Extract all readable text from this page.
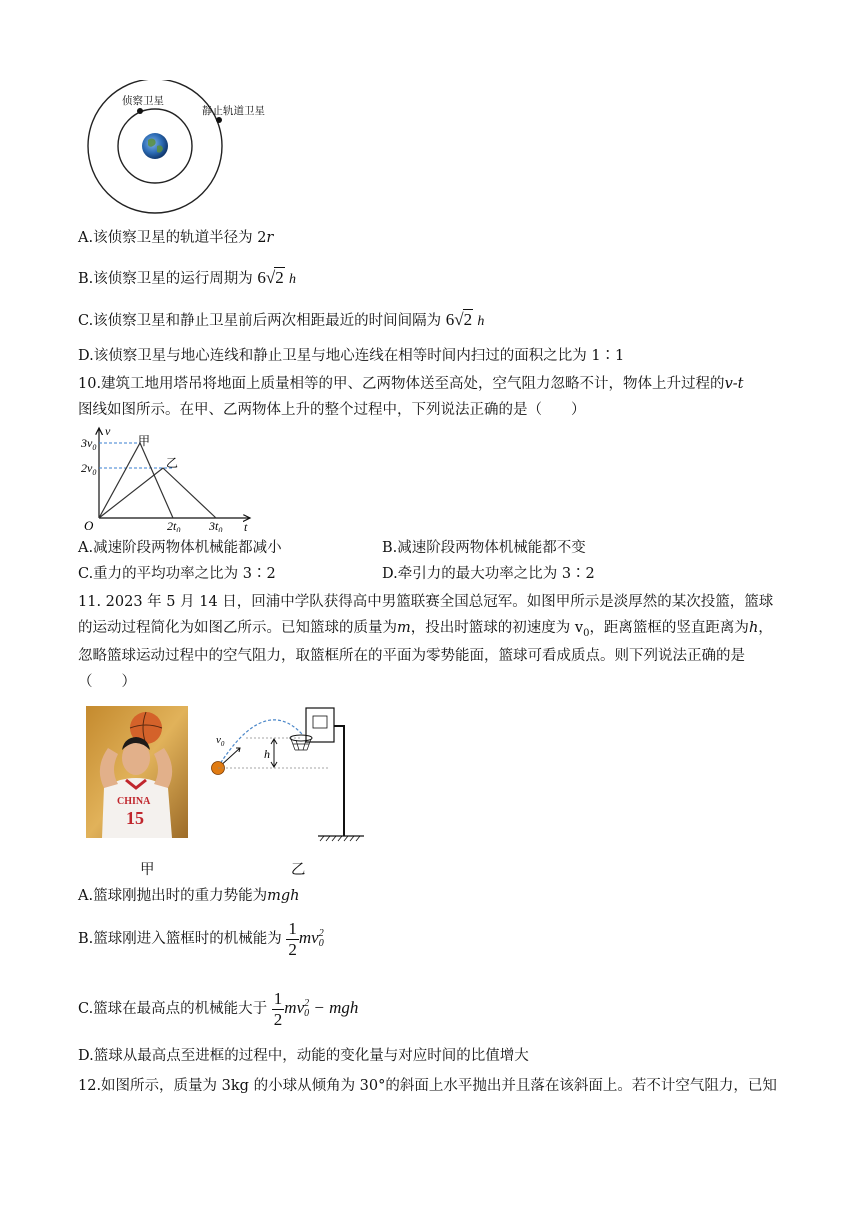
侦察卫星
静止轨道卫星
A.该侦察卫星的轨道半径为 2r
B.该侦察卫星的运行周期为 6√2 h
C.该侦察卫星和静止卫星前后两次相距最近的时间间隔为 6√2 h
D.该侦察卫星与地心连线和静止卫星与地心连线在相等时间内扫过的面积之比为 1∶1
10.建筑工地用塔吊将地面上质量相等的甲、乙两物体送至高处，空气阻力忽略不计，物体上升过程的v-t
图线如图所示。在甲、乙两物体上升的整个过程中，下列说法正确的是（　　）
v
t
O
$3v_0$
$2v_0$
$2t_0$ $3t_0$
甲
乙
A.减速阶段两物体机械能都减小	B.减速阶段两物体机械能都不变
C.重力的平均功率之比为 3∶2	D.牵引力的最大功率之比为 3∶2
11. 2023 年 5 月 14 日，回浦中学队获得高中男篮联赛全国总冠军。如图甲所示是淡厚然的某次投篮，篮球
的运动过程简化为如图乙所示。已知篮球的质量为m，投出时篮球的初速度为 $v_0$，距离篮框的竖直距离为h，
忽略篮球运动过程中的空气阻力，取篮框所在的平面为零势能面，篮球可看成质点。则下列说法正确的是
（　　）
CHINA
15
$v_0$
h
甲	乙
A.篮球刚抛出时的重力势能为mgh
B.篮球刚进入篮框时的机械能为 $\frac{1}{2}$ mv 2
0
C.篮球在最高点的机械能大于 $\frac{1}{2}$ mv 2
0 − mgh
D.篮球从最高点至进框的过程中，动能的变化量与对应时间的比值增大
12.如图所示，质量为 3kg 的小球从倾角为 30°的斜面上水平抛出并且落在该斜面上。若不计空气阻力，已知
